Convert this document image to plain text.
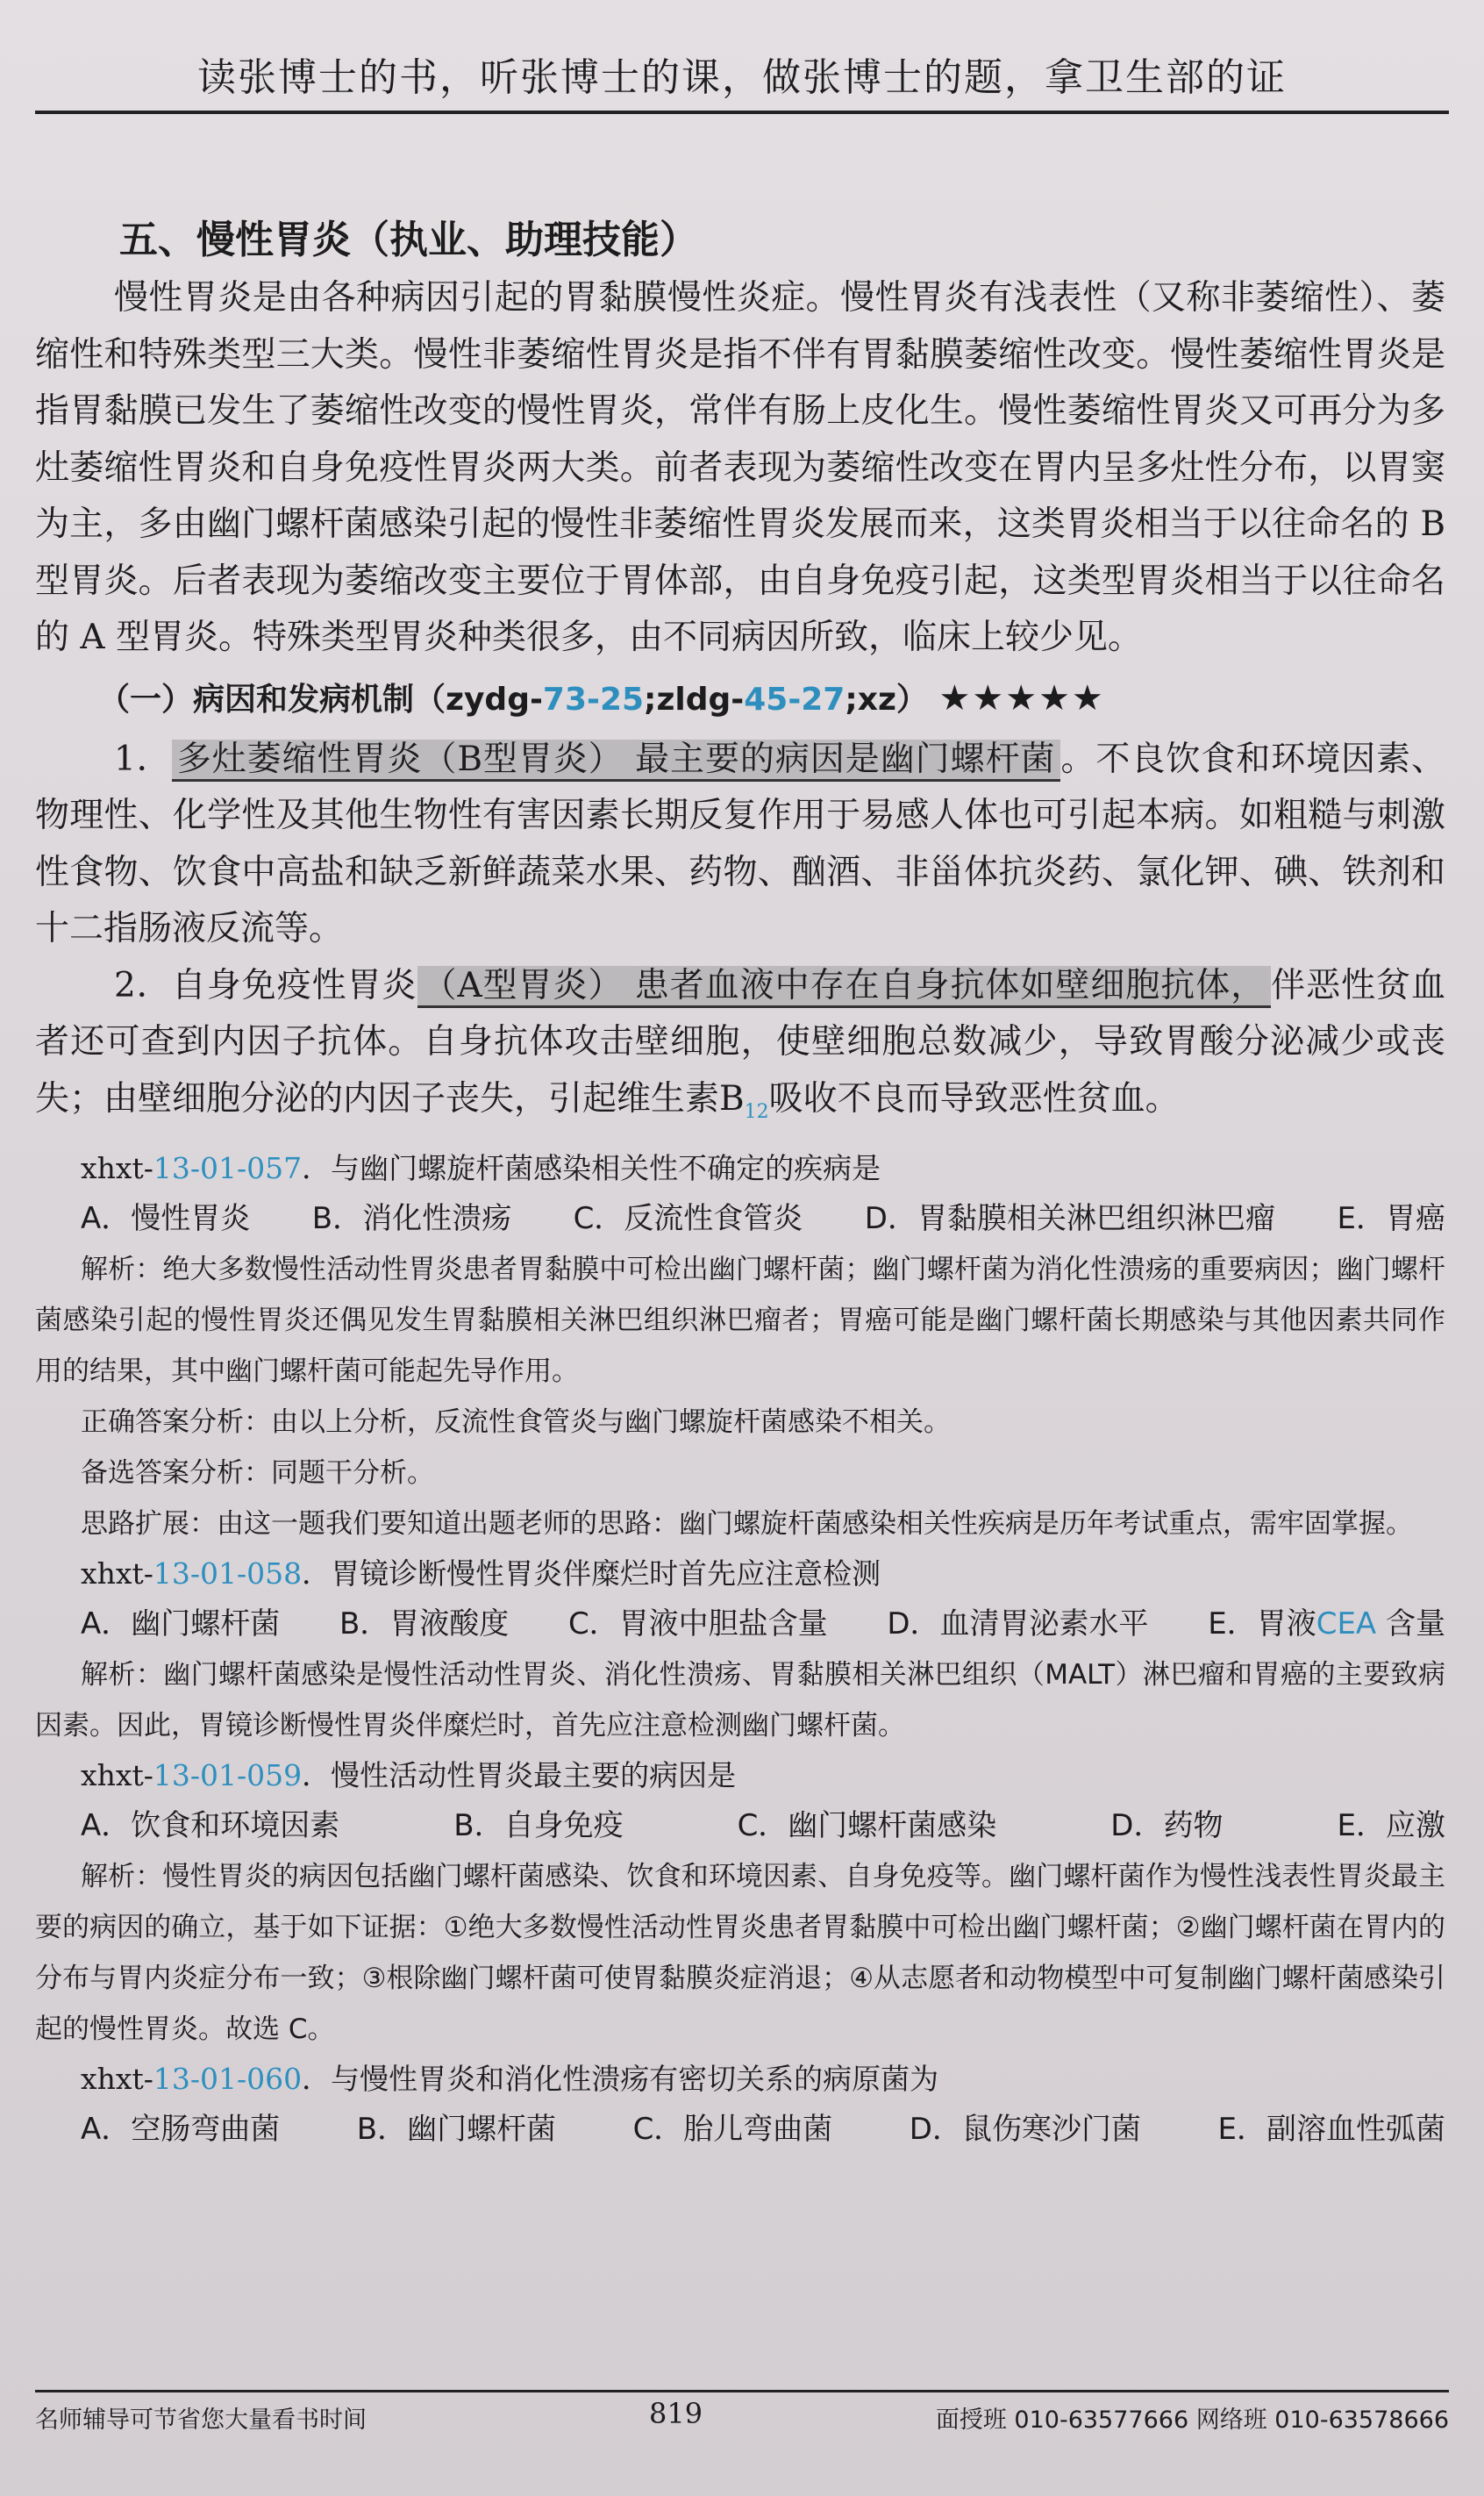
读张博士的书，听张博士的课，做张博士的题，拿卫生部的证
五、慢性胃炎（执业、助理技能）

慢性胃炎是由各种病因引起的胃黏膜慢性炎症。慢性胃炎有浅表性（又称非萎缩性）、萎缩性和特殊类型三大类。慢性非萎缩性胃炎是指不伴有胃黏膜萎缩性改变。慢性萎缩性胃炎是指胃黏膜已发生了萎缩性改变的慢性胃炎，常伴有肠上皮化生。慢性萎缩性胃炎又可再分为多灶萎缩性胃炎和自身免疫性胃炎两大类。前者表现为萎缩性改变在胃内呈多灶性分布，以胃窦为主，多由幽门螺杆菌感染引起的慢性非萎缩性胃炎发展而来，这类胃炎相当于以往命名的 B 型胃炎。后者表现为萎缩改变主要位于胃体部，由自身免疫引起，这类型胃炎相当于以往命名的 A 型胃炎。特殊类型胃炎种类很多，由不同病因所致，临床上较少见。

（一）病因和发病机制（zydg-73-25;zldg-45-27;xz） ★★★★★

1． 多灶萎缩性胃炎（B型胃炎） 最主要的病因是幽门螺杆菌 。不良饮食和环境因素、物理性、化学性及其他生物性有害因素长期反复作用于易感人体也可引起本病。如粗糙与刺激性食物、饮食中高盐和缺乏新鲜蔬菜水果、药物、酗酒、非甾体抗炎药、氯化钾、碘、铁剂和十二指肠液反流等。

2．自身免疫性胃炎 （A型胃炎） 患者血液中存在自身抗体如壁细胞抗体， 伴恶性贫血者还可查到内因子抗体。自身抗体攻击壁细胞，使壁细胞总数减少，导致胃酸分泌减少或丧失；由壁细胞分泌的内因子丧失，引起维生素$B_{12}$吸收不良而导致恶性贫血。

xhxt-13-01-057．与幽门螺旋杆菌感染相关性不确定的疾病是

A．慢性胃炎 B．消化性溃疡 C．反流性食管炎 D．胃黏膜相关淋巴组织淋巴瘤 E．胃癌

解析：绝大多数慢性活动性胃炎患者胃黏膜中可检出幽门螺杆菌；幽门螺杆菌为消化性溃疡的重要病因；幽门螺杆菌感染引起的慢性胃炎还偶见发生胃黏膜相关淋巴组织淋巴瘤者；胃癌可能是幽门螺杆菌长期感染与其他因素共同作用的结果，其中幽门螺杆菌可能起先导作用。

正确答案分析：由以上分析，反流性食管炎与幽门螺旋杆菌感染不相关。

备选答案分析：同题干分析。

思路扩展：由这一题我们要知道出题老师的思路：幽门螺旋杆菌感染相关性疾病是历年考试重点，需牢固掌握。

xhxt-13-01-058．胃镜诊断慢性胃炎伴糜烂时首先应注意检测

A．幽门螺杆菌 B．胃液酸度 C．胃液中胆盐含量 D．血清胃泌素水平 E．胃液CEA 含量

解析：幽门螺杆菌感染是慢性活动性胃炎、消化性溃疡、胃黏膜相关淋巴组织（MALT）淋巴瘤和胃癌的主要致病因素。因此，胃镜诊断慢性胃炎伴糜烂时，首先应注意检测幽门螺杆菌。

xhxt-13-01-059．慢性活动性胃炎最主要的病因是

A．饮食和环境因素	B．自身免疫	C．幽门螺杆菌感染	D．药物	E．应激

解析：慢性胃炎的病因包括幽门螺杆菌感染、饮食和环境因素、自身免疫等。幽门螺杆菌作为慢性浅表性胃炎最主要的病因的确立，基于如下证据：①绝大多数慢性活动性胃炎患者胃黏膜中可检出幽门螺杆菌；②幽门螺杆菌在胃内的分布与胃内炎症分布一致；③根除幽门螺杆菌可使胃黏膜炎症消退；④从志愿者和动物模型中可复制幽门螺杆菌感染引起的慢性胃炎。故选 C。

xhxt-13-01-060．与慢性胃炎和消化性溃疡有密切关系的病原菌为

A．空肠弯曲菌	B．幽门螺杆菌	C．胎儿弯曲菌	D．鼠伤寒沙门菌	E．副溶血性弧菌
名师辅导可节省您大量看书时间	819	面授班 010-63577666 网络班 010-63578666
